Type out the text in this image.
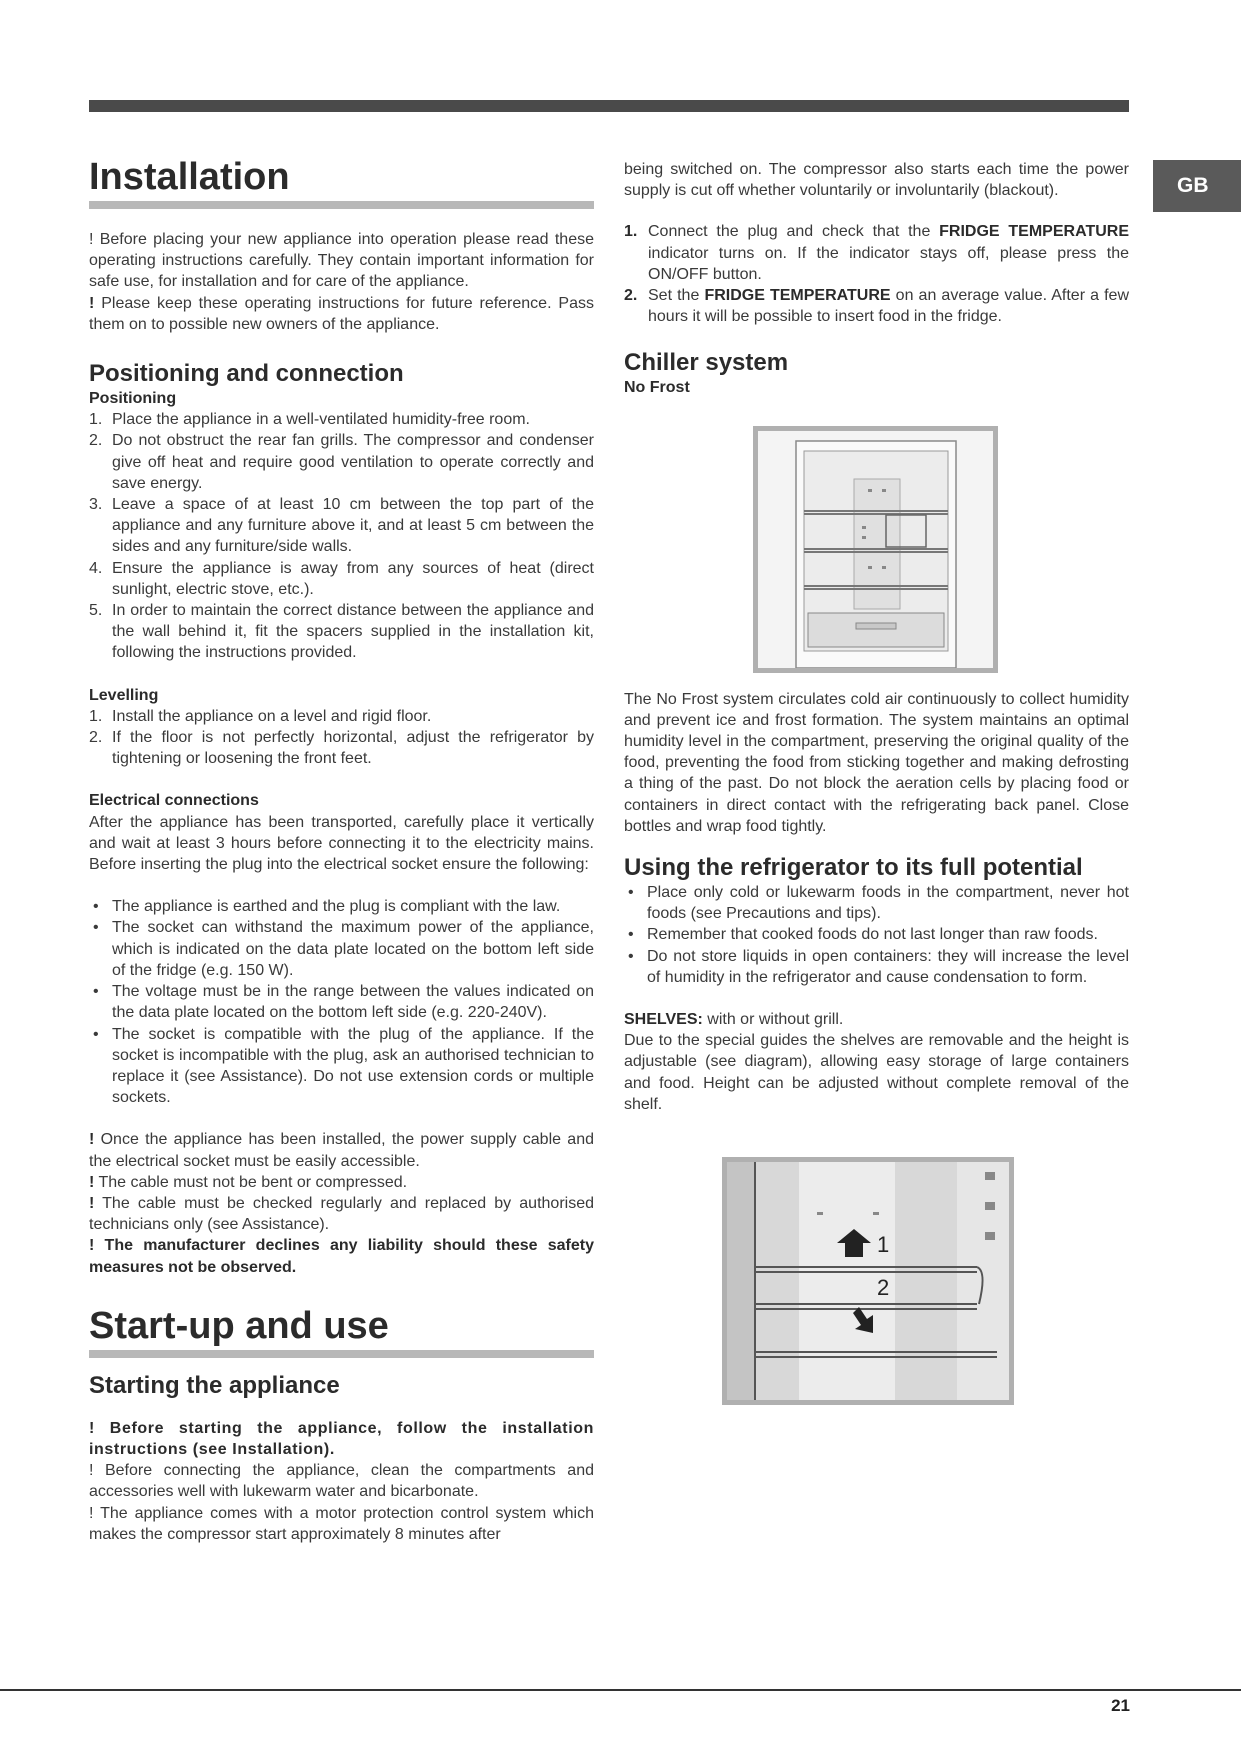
GB
Installation

! Before placing your new appliance into operation please read these operating instructions carefully. They contain important information for safe use, for installation and for care of the appliance.

! Please keep these operating instructions for future reference. Pass them on to possible new owners of the appliance.

Positioning and connection
Positioning
1. Place the appliance in a well-ventilated humidity-free room.
2. Do not obstruct the rear fan grills. The compressor and condenser give off heat and require good ventilation to operate correctly and save energy.
3. Leave a space of at least 10 cm between the top part of the appliance and any furniture above it, and at least 5 cm between the sides and any furniture/side walls.
4. Ensure the appliance is away from any sources of heat (direct sunlight, electric stove, etc.).
5. In order to maintain the correct distance between the appliance and the wall behind it, fit the spacers supplied in the installation kit, following the instructions provided.
Levelling
1. Install the appliance on a level and rigid floor.
2. If the floor is not perfectly horizontal, adjust the refrigerator by tightening or loosening the front feet.
Electrical connections

After the appliance has been transported, carefully place it vertically and wait at least 3 hours before connecting it to the electricity mains. Before inserting the plug into the electrical socket ensure the following:

• The appliance is earthed and the plug is compliant with the law.
• The socket can withstand the maximum power of the appliance, which is indicated on the data plate located on the bottom left side of the fridge (e.g. 150 W).
• The voltage must be in the range between the values indicated on the data plate located on the bottom left side (e.g. 220-240V).
• The socket is compatible with the plug of the appliance. If the socket is incompatible with the plug, ask an authorised technician to replace it (see Assistance). Do not use extension cords or multiple sockets.

! Once the appliance has been installed, the power supply cable and the electrical socket must be easily accessible.

! The cable must not be bent or compressed.

! The cable must be checked regularly and replaced by authorised technicians only (see Assistance).

! The manufacturer declines any liability should these safety measures not be observed.

Start-up and use
Starting the appliance

! Before starting the appliance, follow the installation instructions (see Installation).

! Before connecting the appliance, clean the compartments and accessories well with lukewarm water and bicarbonate.

! The appliance comes with a motor protection control system which makes the compressor start approximately 8 minutes after

being switched on. The compressor also starts each time the power supply is cut off whether voluntarily or involuntarily (blackout).

1. Connect the plug and check that the FRIDGE TEMPERATURE indicator turns on. If the indicator stays off, please press the ON/OFF button.
2. Set the FRIDGE TEMPERATURE on an average value. After a few hours it will be possible to insert food in the fridge.
Chiller system
No Frost

The No Frost system circulates cold air continuously to collect humidity and prevent ice and frost formation. The system maintains an optimal humidity level in the compartment, preserving the original quality of the food, preventing the food from sticking together and making defrosting a thing of the past. Do not block the aeration cells by placing food or containers in direct contact with the refrigerating back panel. Close bottles and wrap food tightly.

Using the refrigerator to its full potential
• Place only cold or lukewarm foods in the compartment, never hot foods (see Precautions and tips).
• Remember that cooked foods do not last longer than raw foods.
• Do not store liquids in open containers: they will increase the level of humidity in the refrigerator and cause condensation to form.

SHELVES: with or without grill.

Due to the special guides the shelves are removable and the height is adjustable (see diagram), allowing easy storage of large containers and food. Height can be adjusted without complete removal of the shelf.

1
2
21
